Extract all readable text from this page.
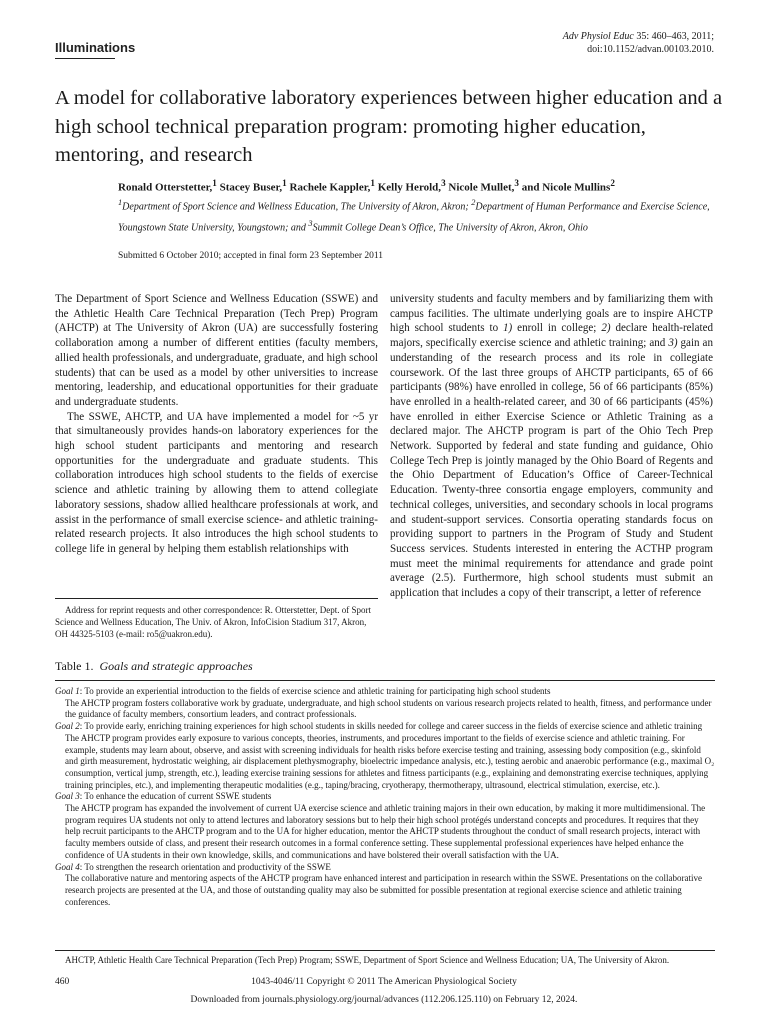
Illuminations
Adv Physiol Educ 35: 460–463, 2011;
doi:10.1152/advan.00103.2010.
A model for collaborative laboratory experiences between higher education and a high school technical preparation program: promoting higher education, mentoring, and research
Ronald Otterstetter,$^1$ Stacey Buser,$^1$ Rachele Kappler,$^1$ Kelly Herold,$^3$ Nicole Mullet,$^3$ and Nicole Mullins$^2$
$^1$Department of Sport Science and Wellness Education, The University of Akron, Akron; $^2$Department of Human Performance and Exercise Science, Youngstown State University, Youngstown; and $^3$Summit College Dean’s Office, The University of Akron, Akron, Ohio
Submitted 6 October 2010; accepted in final form 23 September 2011

The Department of Sport Science and Wellness Education (SSWE) and the Athletic Health Care Technical Preparation (Tech Prep) Program (AHCTP) at The University of Akron (UA) are successfully fostering collaboration among a number of different entities (faculty members, allied health professionals, and undergraduate, graduate, and high school students) that can be used as a model by other universities to increase mentoring, leadership, and educational opportunities for their graduate and undergraduate students.

The SSWE, AHCTP, and UA have implemented a model for ~5 yr that simultaneously provides hands-on laboratory experiences for the high school student participants and mentoring and research opportunities for the undergraduate and graduate students. This collaboration introduces high school students to the fields of exercise science and athletic training by allowing them to attend collegiate laboratory sessions, shadow allied healthcare professionals at work, and assist in the performance of small exercise science- and athletic training-related research projects. It also introduces the high school students to college life in general by helping them establish relationships with

university students and faculty members and by familiarizing them with campus facilities. The ultimate underlying goals are to inspire AHCTP high school students to 1) enroll in college; 2) declare health-related majors, specifically exercise science and athletic training; and 3) gain an understanding of the research process and its role in collegiate coursework. Of the last three groups of AHCTP participants, 65 of 66 participants (98%) have enrolled in college, 56 of 66 participants (85%) have enrolled in a health-related career, and 30 of 66 participants (45%) have enrolled in either Exercise Science or Athletic Training as a declared major. The AHCTP program is part of the Ohio Tech Prep Network. Supported by federal and state funding and guidance, Ohio College Tech Prep is jointly managed by the Ohio Board of Regents and the Ohio Department of Education’s Office of Career-Technical Education. Twenty-three consortia engage employers, community and technical colleges, universities, and secondary schools in local programs and student-support services. Consortia operating standards focus on providing support to partners in the Program of Study and Student Success services. Students interested in entering the ACTHP program must meet the minimal requirements for attendance and grade point average (2.5). Furthermore, high school students must submit an application that includes a copy of their transcript, a letter of reference

Address for reprint requests and other correspondence: R. Otterstetter, Dept. of Sport Science and Wellness Education, The Univ. of Akron, InfoCision Stadium 317, Akron, OH 44325-5103 (e-mail: ro5@uakron.edu).
Table 1. Goals and strategic approaches
Goal 1: To provide an experiential introduction to the fields of exercise science and athletic training for participating high school students
The AHCTP program fosters collaborative work by graduate, undergraduate, and high school students on various research projects related to health, fitness, and performance under the guidance of faculty members, consortium leaders, and contract professionals.
Goal 2: To provide early, enriching training experiences for high school students in skills needed for college and career success in the fields of exercise science and athletic training
The AHCTP program provides early exposure to various concepts, theories, instruments, and procedures important to the fields of exercise science and athletic training. For example, students may learn about, observe, and assist with screening individuals for health risks before exercise testing and training, assessing body composition (e.g., skinfold and girth measurement, hydrostatic weighing, air displacement plethysmography, bioelectric impedance analysis, etc.), testing aerobic and anaerobic performance (e.g., maximal O₂ consumption, vertical jump, strength, etc.), leading exercise training sessions for athletes and fitness participants (e.g., explaining and demonstrating exercise techniques, applying training principles, etc.), and implementing therapeutic modalities (e.g., taping/bracing, cryotherapy, thermotherapy, ultrasound, electrical stimulation, exercise, etc.).
Goal 3: To enhance the education of current SSWE students
The AHCTP program has expanded the involvement of current UA exercise science and athletic training majors in their own education, by making it more multidimensional. The program requires UA students not only to attend lectures and laboratory sessions but to help their high school protégés understand concepts and procedures. It requires that they help recruit participants to the AHCTP program and to the UA for higher education, mentor the AHCTP students throughout the conduct of small research projects, interact with faculty members outside of class, and present their research outcomes in a formal conference setting. These supplemental professional experiences have helped enhance the confidence of UA students in their own knowledge, skills, and communications and have bolstered their overall satisfaction with the UA.
Goal 4: To strengthen the research orientation and productivity of the SSWE
The collaborative nature and mentoring aspects of the AHCTP program have enhanced interest and participation in research within the SSWE. Presentations on the collaborative research projects are presented at the UA, and those of outstanding quality may also be submitted for possible presentation at regional exercise science and athletic training conferences.
AHCTP, Athletic Health Care Technical Preparation (Tech Prep) Program; SSWE, Department of Sport Science and Wellness Education; UA, The University of Akron.
460	1043-4046/11 Copyright © 2011 The American Physiological Society
Downloaded from journals.physiology.org/journal/advances (112.206.125.110) on February 12, 2024.
